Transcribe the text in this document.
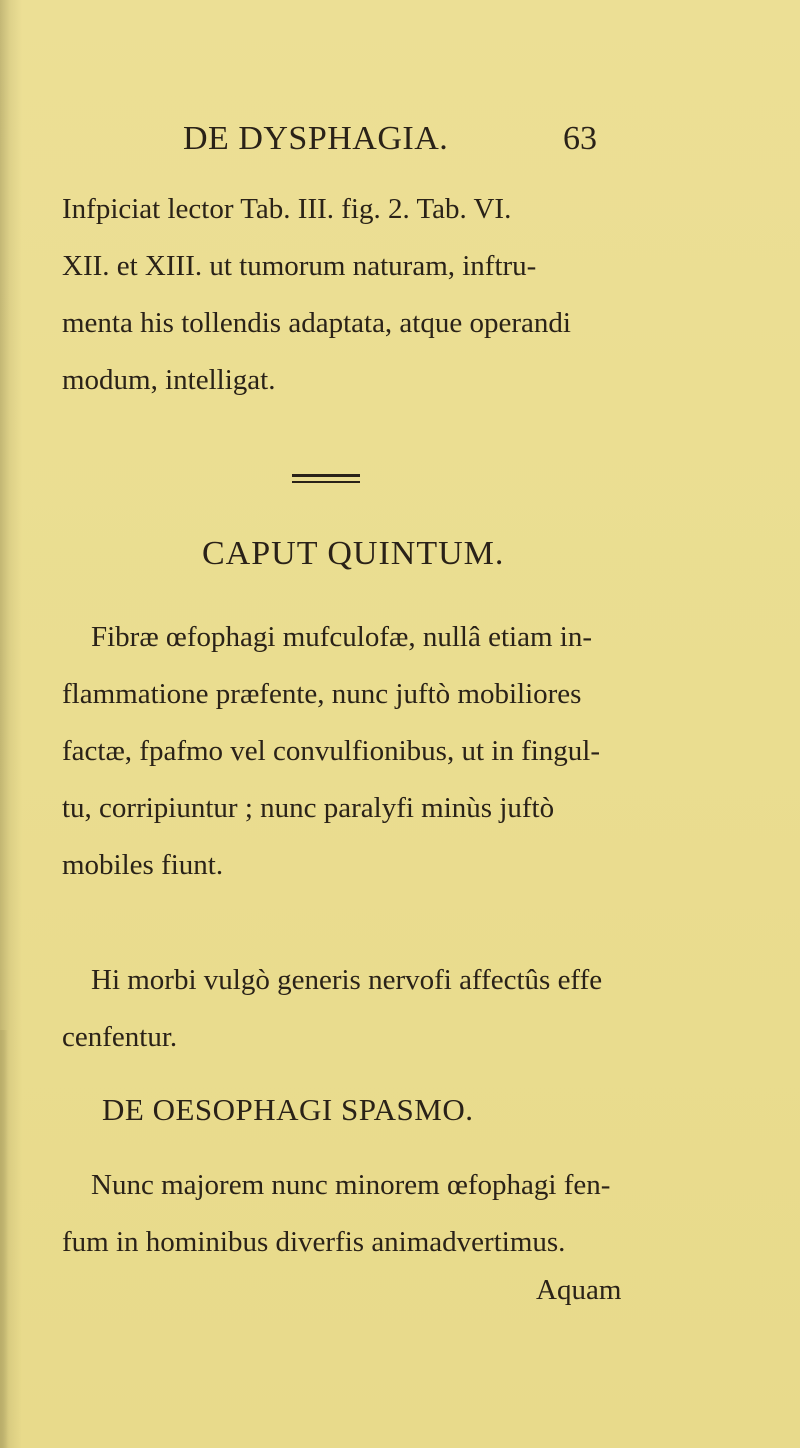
DE DYSPHAGIA.	63
Infpiciat lector Tab. III. fig. 2. Tab. VI.
XII. et XIII. ut tumorum naturam, inftru-
menta his tollendis adaptata, atque operandi
modum, intelligat.
CAPUT QUINTUM.
Fibræ œfophagi mufculofæ, nullâ etiam in-
flammatione præfente, nunc juftò mobiliores
factæ, fpafmo vel convulfionibus, ut in fingul-
tu, corripiuntur ; nunc paralyfi minùs juftò
mobiles fiunt.
Hi morbi vulgò generis nervofi affectûs effe
cenfentur.
DE OESOPHAGI SPASMO.
Nunc majorem nunc minorem œfophagi fen-
fum in hominibus diverfis animadvertimus.
Aquam
